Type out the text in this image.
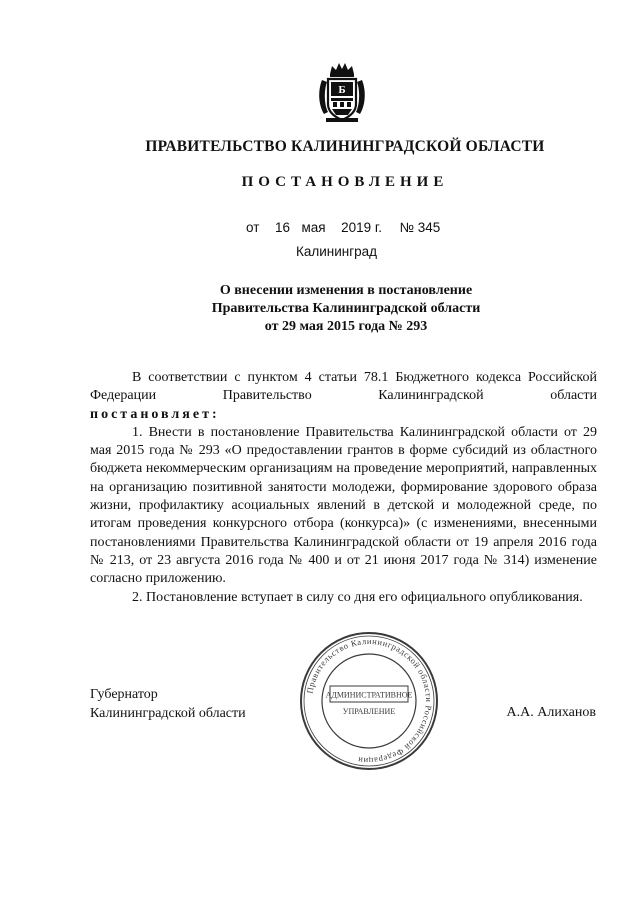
Б
ПРАВИТЕЛЬСТВО КАЛИНИНГРАДСКОЙ ОБЛАСТИ
ПОСТАНОВЛЕНИЕ
от 16 мая 2019 г. № 345
Калининград
О внесении изменения в постановление
Правительства Калининградской области
от 29 мая 2015 года № 293

В соответствии с пунктом 4 статьи 78.1 Бюджетного кодекса Российской Федерации Правительство Калининградской области

постановляет:

1. Внести в постановление Правительства Калининградской области от 29 мая 2015 года № 293 «О предоставлении грантов в форме субсидий из областного бюджета некоммерческим организациям на проведение мероприятий, направленных на организацию позитивной занятости молодежи, формирование здорового образа жизни, профилактику асоциальных явлений в детской и молодежной среде, по итогам проведения конкурсного отбора (конкурса)» (с изменениями, внесенными постановлениями Правительства Калининградской области от 19 апреля 2016 года № 213, от 23 августа 2016 года № 400 и от 21 июня 2017 года № 314) изменение согласно приложению.

2. Постановление вступает в силу со дня его официального опубликования.

Губернатор
Калининградской области	А.А. Алиханов
Правительство Калининградской области Российской Федерации
АДМИНИСТРАТИВНОЕ
УПРАВЛЕНИЕ
